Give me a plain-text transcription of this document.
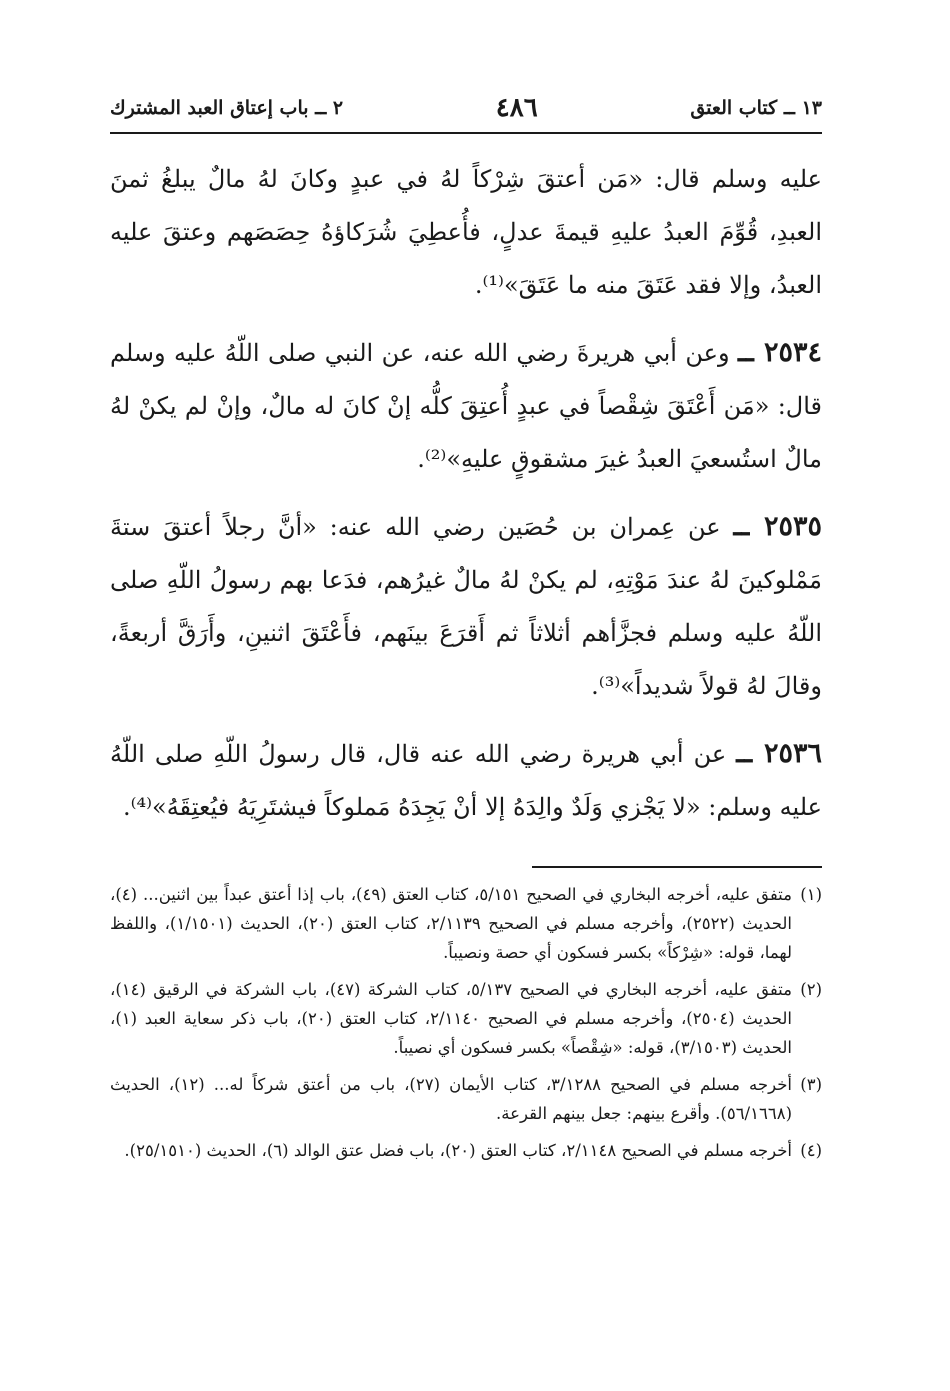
١٣ ــ كتاب العتق
٤٨٦
٢ ــ باب إعتاق العبد المشترك

عليه وسلم قال: «مَن أعتقَ شِرْكاً لهُ في عبدٍ وكانَ لهُ مالٌ يبلغُ ثمنَ العبدِ، قُوِّمَ العبدُ عليهِ قيمةَ عدلٍ، فأُعطِيَ شُرَكاؤهُ حِصَصَهم وعتقَ عليه العبدُ، وإلا فقد عَتَقَ منه ما عَتَقَ»⁽¹⁾.

٢٥٣٤ ــ وعن أبي هريرةَ رضي الله عنه، عن النبي صلى اللّهُ عليه وسلم قال: «مَن أَعْتَقَ شِقْصاً في عبدٍ أُعتِقَ كلُّه إنْ كانَ له مالٌ، وإنْ لم يكنْ لهُ مالٌ استُسعيَ العبدُ غيرَ مشقوقٍ عليهِ»⁽²⁾.

٢٥٣٥ ــ عن عِمران بن حُصَين رضي الله عنه: «أنَّ رجلاً أعتقَ ستةَ مَمْلوكينَ لهُ عندَ مَوْتِهِ، لم يكنْ لهُ مالٌ غيرُهم، فدَعا بهم رسولُ اللّهِ صلى اللّهُ عليه وسلم فجزَّأهم أثلاثاً ثم أَقرَعَ بينَهم، فأَعْتَقَ اثنينِ، وأَرَقَّ أربعةً، وقالَ لهُ قولاً شديداً»⁽³⁾.

٢٥٣٦ ــ عن أبي هريرة رضي الله عنه قال، قال رسولُ اللّهِ صلى اللّهُ عليه وسلم: «لا يَجْزي وَلَدٌ والِدَهُ إلا أنْ يَجِدَهُ مَملوكاً فيشتَرِيَهُ فيُعتِقَهُ»⁽⁴⁾.

(١)
متفق عليه، أخرجه البخاري في الصحيح ٥/١٥١، كتاب العتق (٤٩)، باب إذا أعتق عبداً بين اثنين... (٤)، الحديث (٢٥٢٢)، وأخرجه مسلم في الصحيح ٢/١١٣٩، كتاب العتق (٢٠)، الحديث (١/١٥٠١)، واللفظ لهما، قوله: «شِرْكاً» بكسر فسكون أي حصة ونصيباً.

(٢)
متفق عليه، أخرجه البخاري في الصحيح ٥/١٣٧، كتاب الشركة (٤٧)، باب الشركة في الرقيق (١٤)، الحديث (٢٥٠٤)، وأخرجه مسلم في الصحيح ٢/١١٤٠، كتاب العتق (٢٠)، باب ذكر سعاية العبد (١)، الحديث (٣/١٥٠٣)، قوله: «شِقْصاً» بكسر فسكون أي نصيباً.

(٣)
أخرجه مسلم في الصحيح ٣/١٢٨٨، كتاب الأيمان (٢٧)، باب من أعتق شركاً له... (١٢)، الحديث (٥٦/١٦٦٨). وأقرع بينهم: جعل بينهم القرعة.

(٤)
أخرجه مسلم في الصحيح ٢/١١٤٨، كتاب العتق (٢٠)، باب فضل عتق الوالد (٦)، الحديث (٢٥/١٥١٠).
